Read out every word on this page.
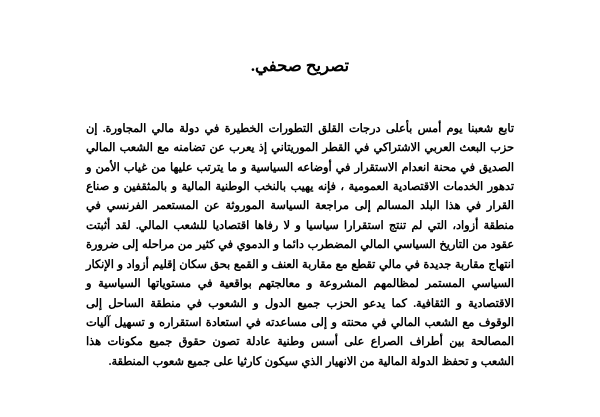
تصريح صحفي.

تابع شعبنا يوم أمس بأعلى درجات القلق التطورات الخطيرة في دولة مالي المجاورة. إن حزب البعث العربي الاشتراكي في القطر الموريتاني إذ يعرب عن تضامنه مع الشعب المالي الصديق في محنة انعدام الاستقرار في أوضاعه السياسية و ما يترتب عليها من غياب الأمن و تدهور الخدمات الاقتصادية العمومية ، فإنه يهيب بالنخب الوطنية المالية و بالمثقفين و صناع القرار في هذا البلد المسالم إلى مراجعة السياسة الموروثة عن المستعمر الفرنسي في منطقة أزواد، التي لم تنتج استقرارا سياسيا و لا رفاها اقتصاديا للشعب المالي. لقد أثبتت عقود من التاريخ السياسي المالي المضطرب دائما و الدموي في كثير من مراحله إلى ضرورة انتهاج مقاربة جديدة في مالي تقطع مع مقاربة العنف و القمع بحق سكان إقليم أزواد و الإنكار السياسي المستمر لمظالمهم المشروعة و معالجتهم بواقعية في مستوياتها السياسية و الاقتصادية و الثقافية. كما يدعو الحزب جميع الدول و الشعوب في منطقة الساحل إلى الوقوف مع الشعب المالي في محنته و إلى مساعدته في استعادة استقراره و تسهيل آليات المصالحة بين أطراف الصراع على أسس وطنية عادلة تصون حقوق جميع مكونات هذا الشعب و تحفظ الدولة المالية من الانهيار الذي سيكون كارثيا على جميع شعوب المنطقة.
